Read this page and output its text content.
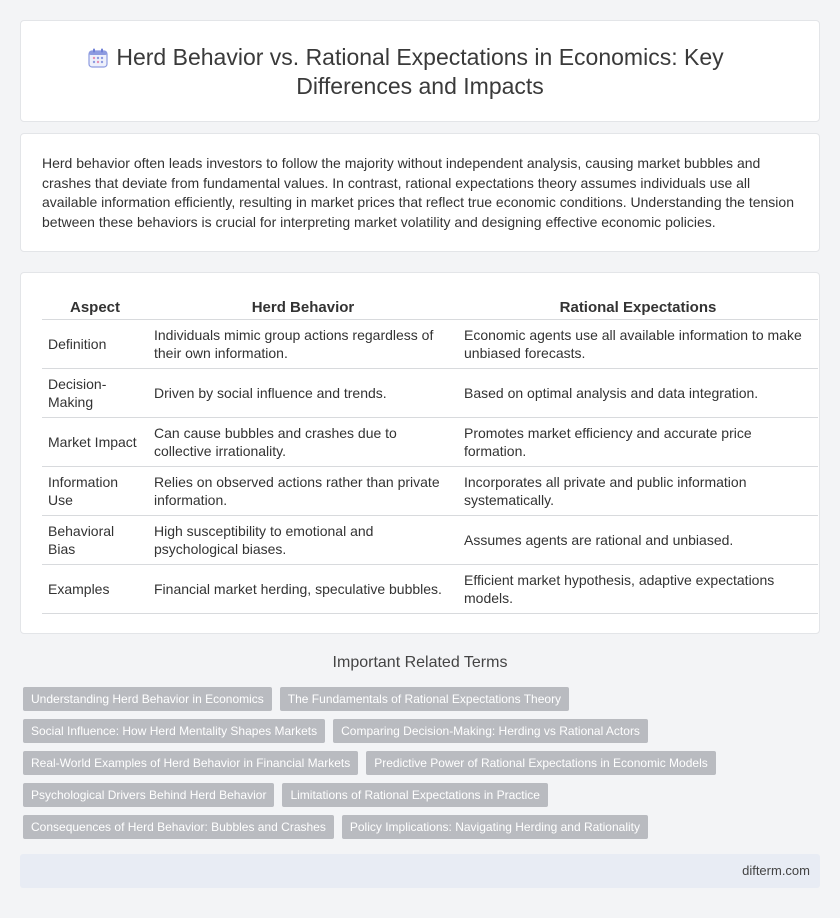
Herd Behavior vs. Rational Expectations in Economics: Key Differences and Impacts

Herd behavior often leads investors to follow the majority without independent analysis, causing market bubbles and crashes that deviate from fundamental values. In contrast, rational expectations theory assumes individuals use all available information efficiently, resulting in market prices that reflect true economic conditions. Understanding the tension between these behaviors is crucial for interpreting market volatility and designing effective economic policies.

Aspect	Herd Behavior	Rational Expectations
Definition	Individuals mimic group actions regardless of their own information.	Economic agents use all available information to make unbiased forecasts.
Decision-Making	Driven by social influence and trends.	Based on optimal analysis and data integration.
Market Impact	Can cause bubbles and crashes due to collective irrationality.	Promotes market efficiency and accurate price formation.
Information Use	Relies on observed actions rather than private information.	Incorporates all private and public information systematically.
Behavioral Bias	High susceptibility to emotional and psychological biases.	Assumes agents are rational and unbiased.
Examples	Financial market herding, speculative bubbles.	Efficient market hypothesis, adaptive expectations models.
Important Related Terms
Understanding Herd Behavior in Economics	The Fundamentals of Rational Expectations Theory
Social Influence: How Herd Mentality Shapes Markets	Comparing Decision-Making: Herding vs Rational Actors
Real-World Examples of Herd Behavior in Financial Markets	Predictive Power of Rational Expectations in Economic Models
Psychological Drivers Behind Herd Behavior	Limitations of Rational Expectations in Practice
Consequences of Herd Behavior: Bubbles and Crashes	Policy Implications: Navigating Herding and Rationality
difterm.com
